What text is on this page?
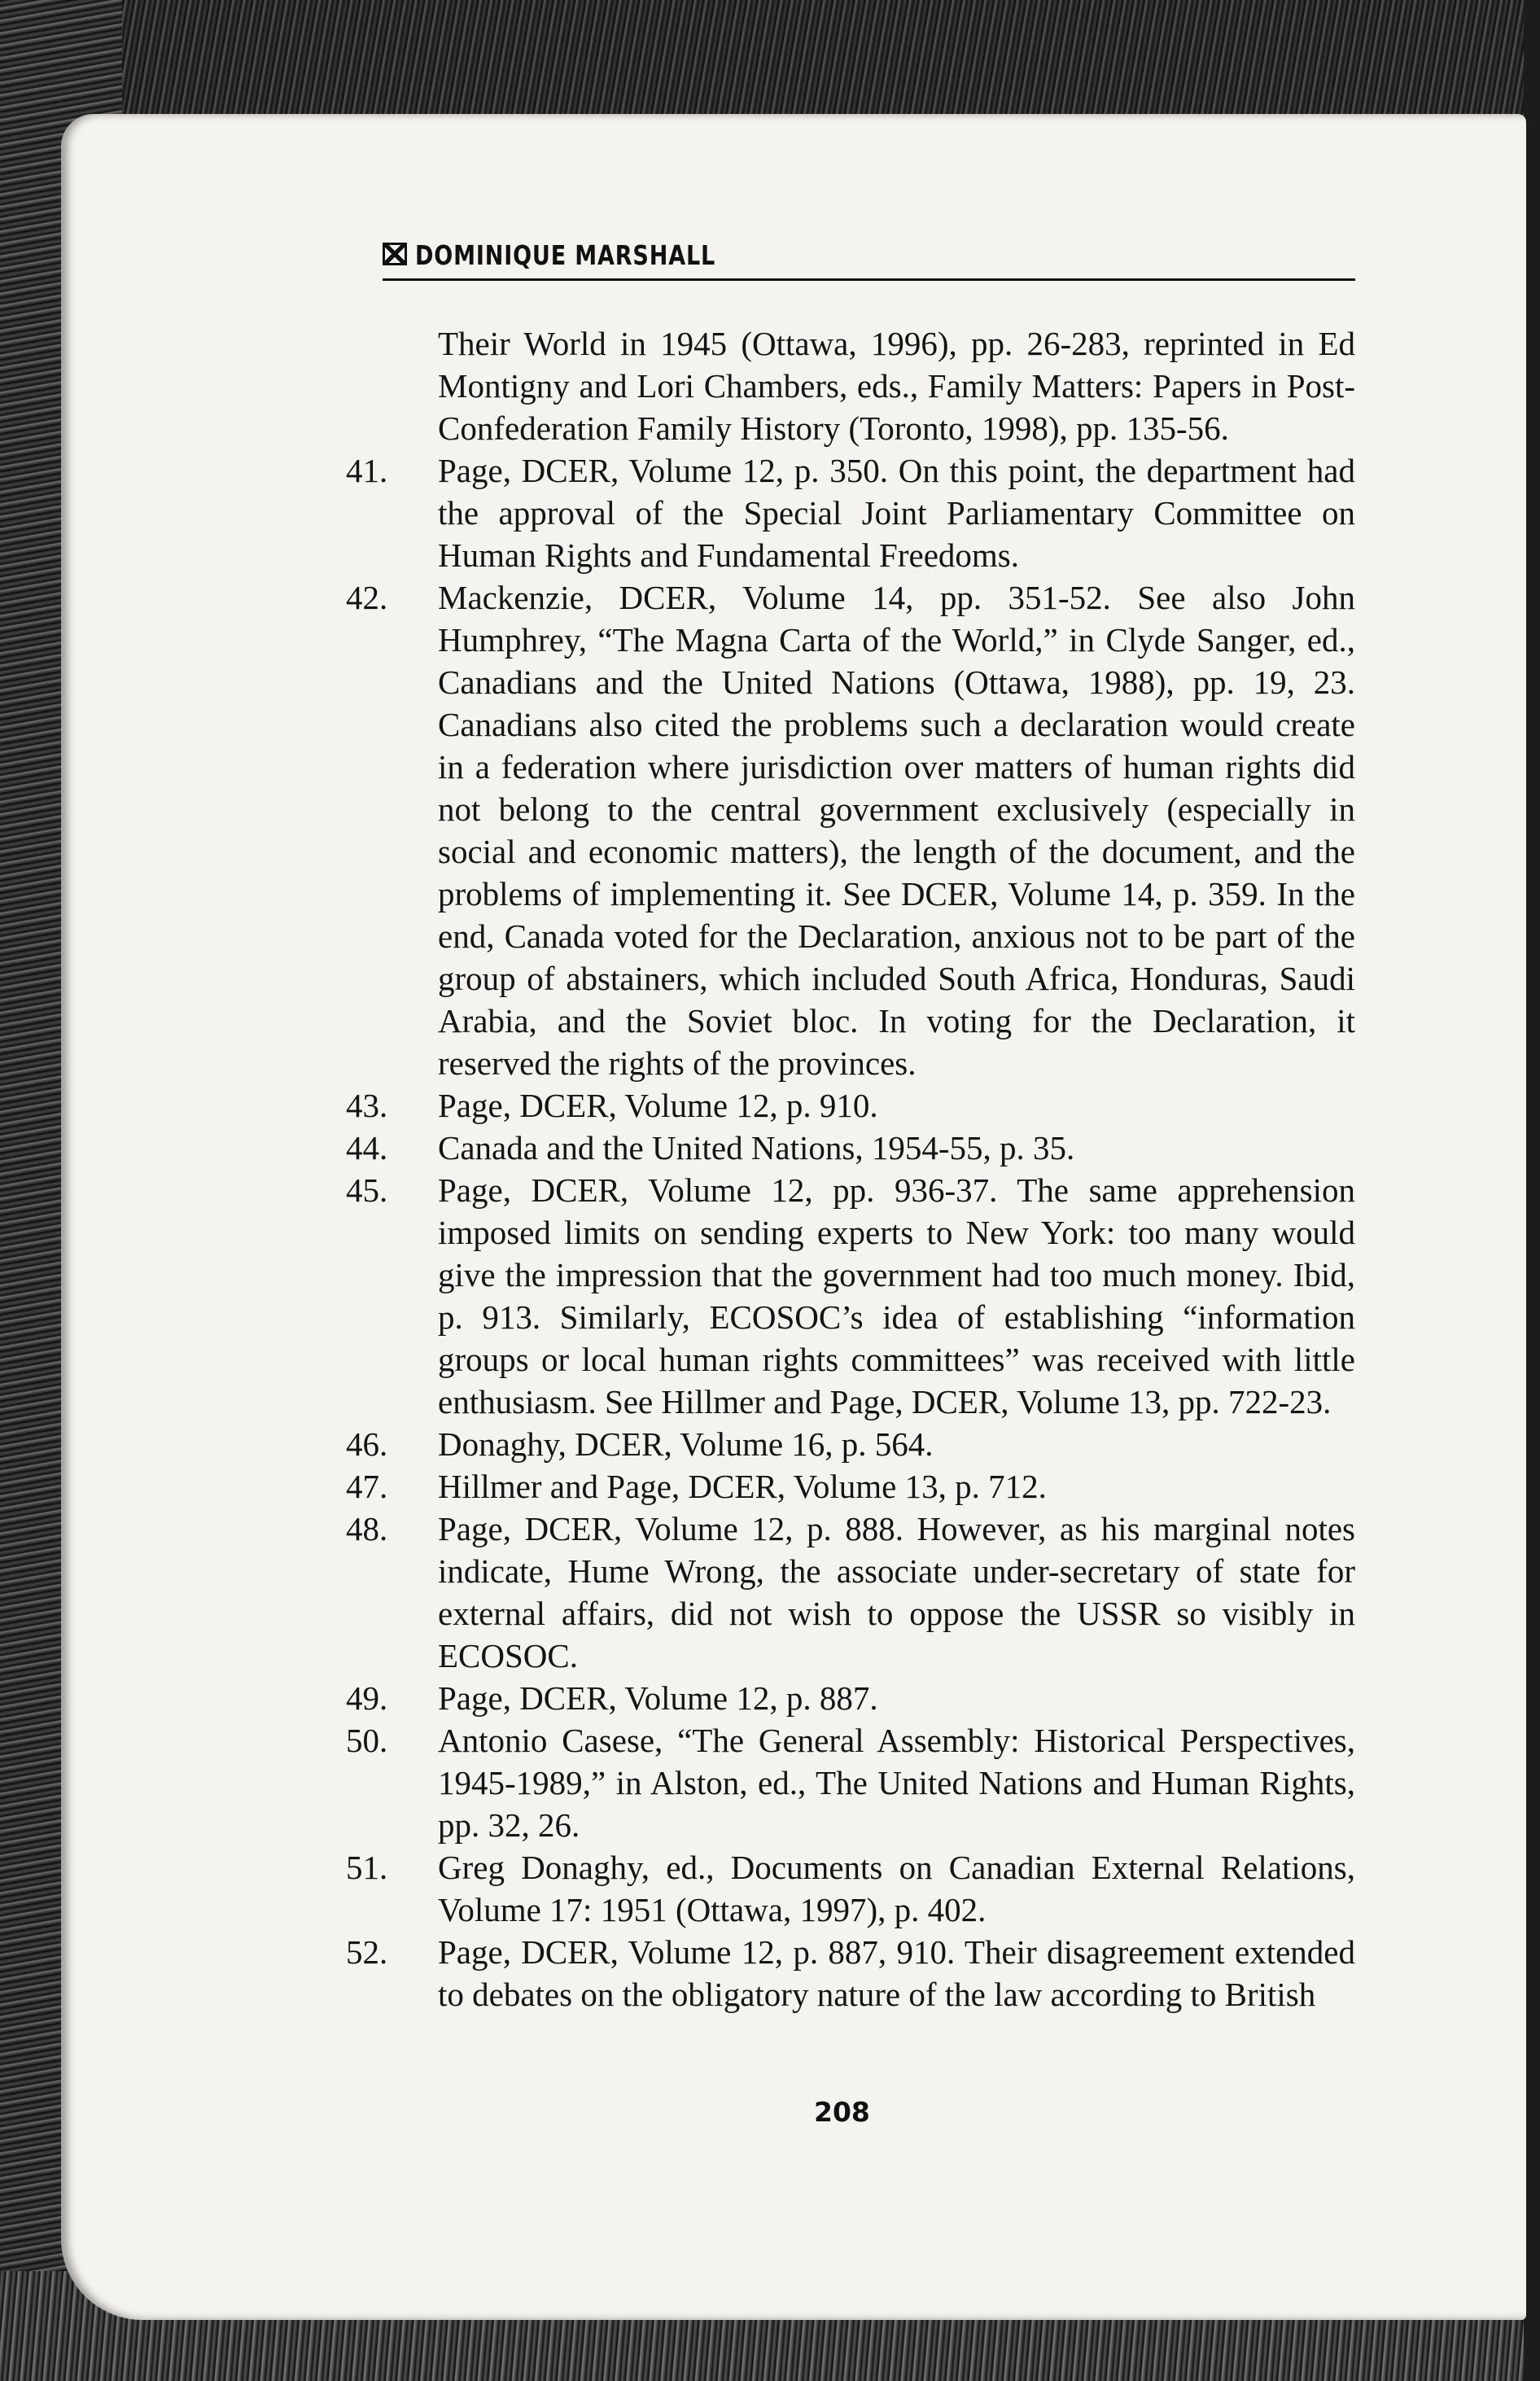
DOMINIQUE MARSHALL
Their World in 1945 (Ottawa, 1996), pp. 26-283, reprinted in Ed Montigny and Lori Chambers, eds., Family Matters: Papers in Post-Confederation Family History (Toronto, 1998), pp. 135-56.
41. Page, DCER, Volume 12, p. 350. On this point, the department had the approval of the Special Joint Parliamentary Committee on Human Rights and Fundamental Freedoms.
42. Mackenzie, DCER, Volume 14, pp. 351-52. See also John Humphrey, “The Magna Carta of the World,” in Clyde Sanger, ed., Canadians and the United Nations (Ottawa, 1988), pp. 19, 23. Canadians also cited the problems such a declaration would create in a federation where jurisdiction over matters of human rights did not belong to the central government exclusively (especially in social and economic matters), the length of the document, and the problems of implementing it. See DCER, Volume 14, p. 359. In the end, Canada voted for the Declaration, anxious not to be part of the group of abstainers, which included South Africa, Honduras, Saudi Arabia, and the Soviet bloc. In voting for the Declaration, it reserved the rights of the provinces.
43. Page, DCER, Volume 12, p. 910.
44. Canada and the United Nations, 1954-55, p. 35.
45. Page, DCER, Volume 12, pp. 936-37. The same apprehension imposed limits on sending experts to New York: too many would give the impression that the government had too much money. Ibid, p. 913. Similarly, ECOSOC’s idea of establishing “information groups or local human rights committees” was received with little enthusiasm. See Hillmer and Page, DCER, Volume 13, pp. 722-23.
46. Donaghy, DCER, Volume 16, p. 564.
47. Hillmer and Page, DCER, Volume 13, p. 712.
48. Page, DCER, Volume 12, p. 888. However, as his marginal notes indicate, Hume Wrong, the associate under-secretary of state for external affairs, did not wish to oppose the USSR so visibly in ECOSOC.
49. Page, DCER, Volume 12, p. 887.
50. Antonio Casese, “The General Assembly: Historical Perspectives, 1945-1989,” in Alston, ed., The United Nations and Human Rights, pp. 32, 26.
51. Greg Donaghy, ed., Documents on Canadian External Relations, Volume 17: 1951 (Ottawa, 1997), p. 402.
52. Page, DCER, Volume 12, p. 887, 910. Their disagreement extended to debates on the obligatory nature of the law according to British
208
